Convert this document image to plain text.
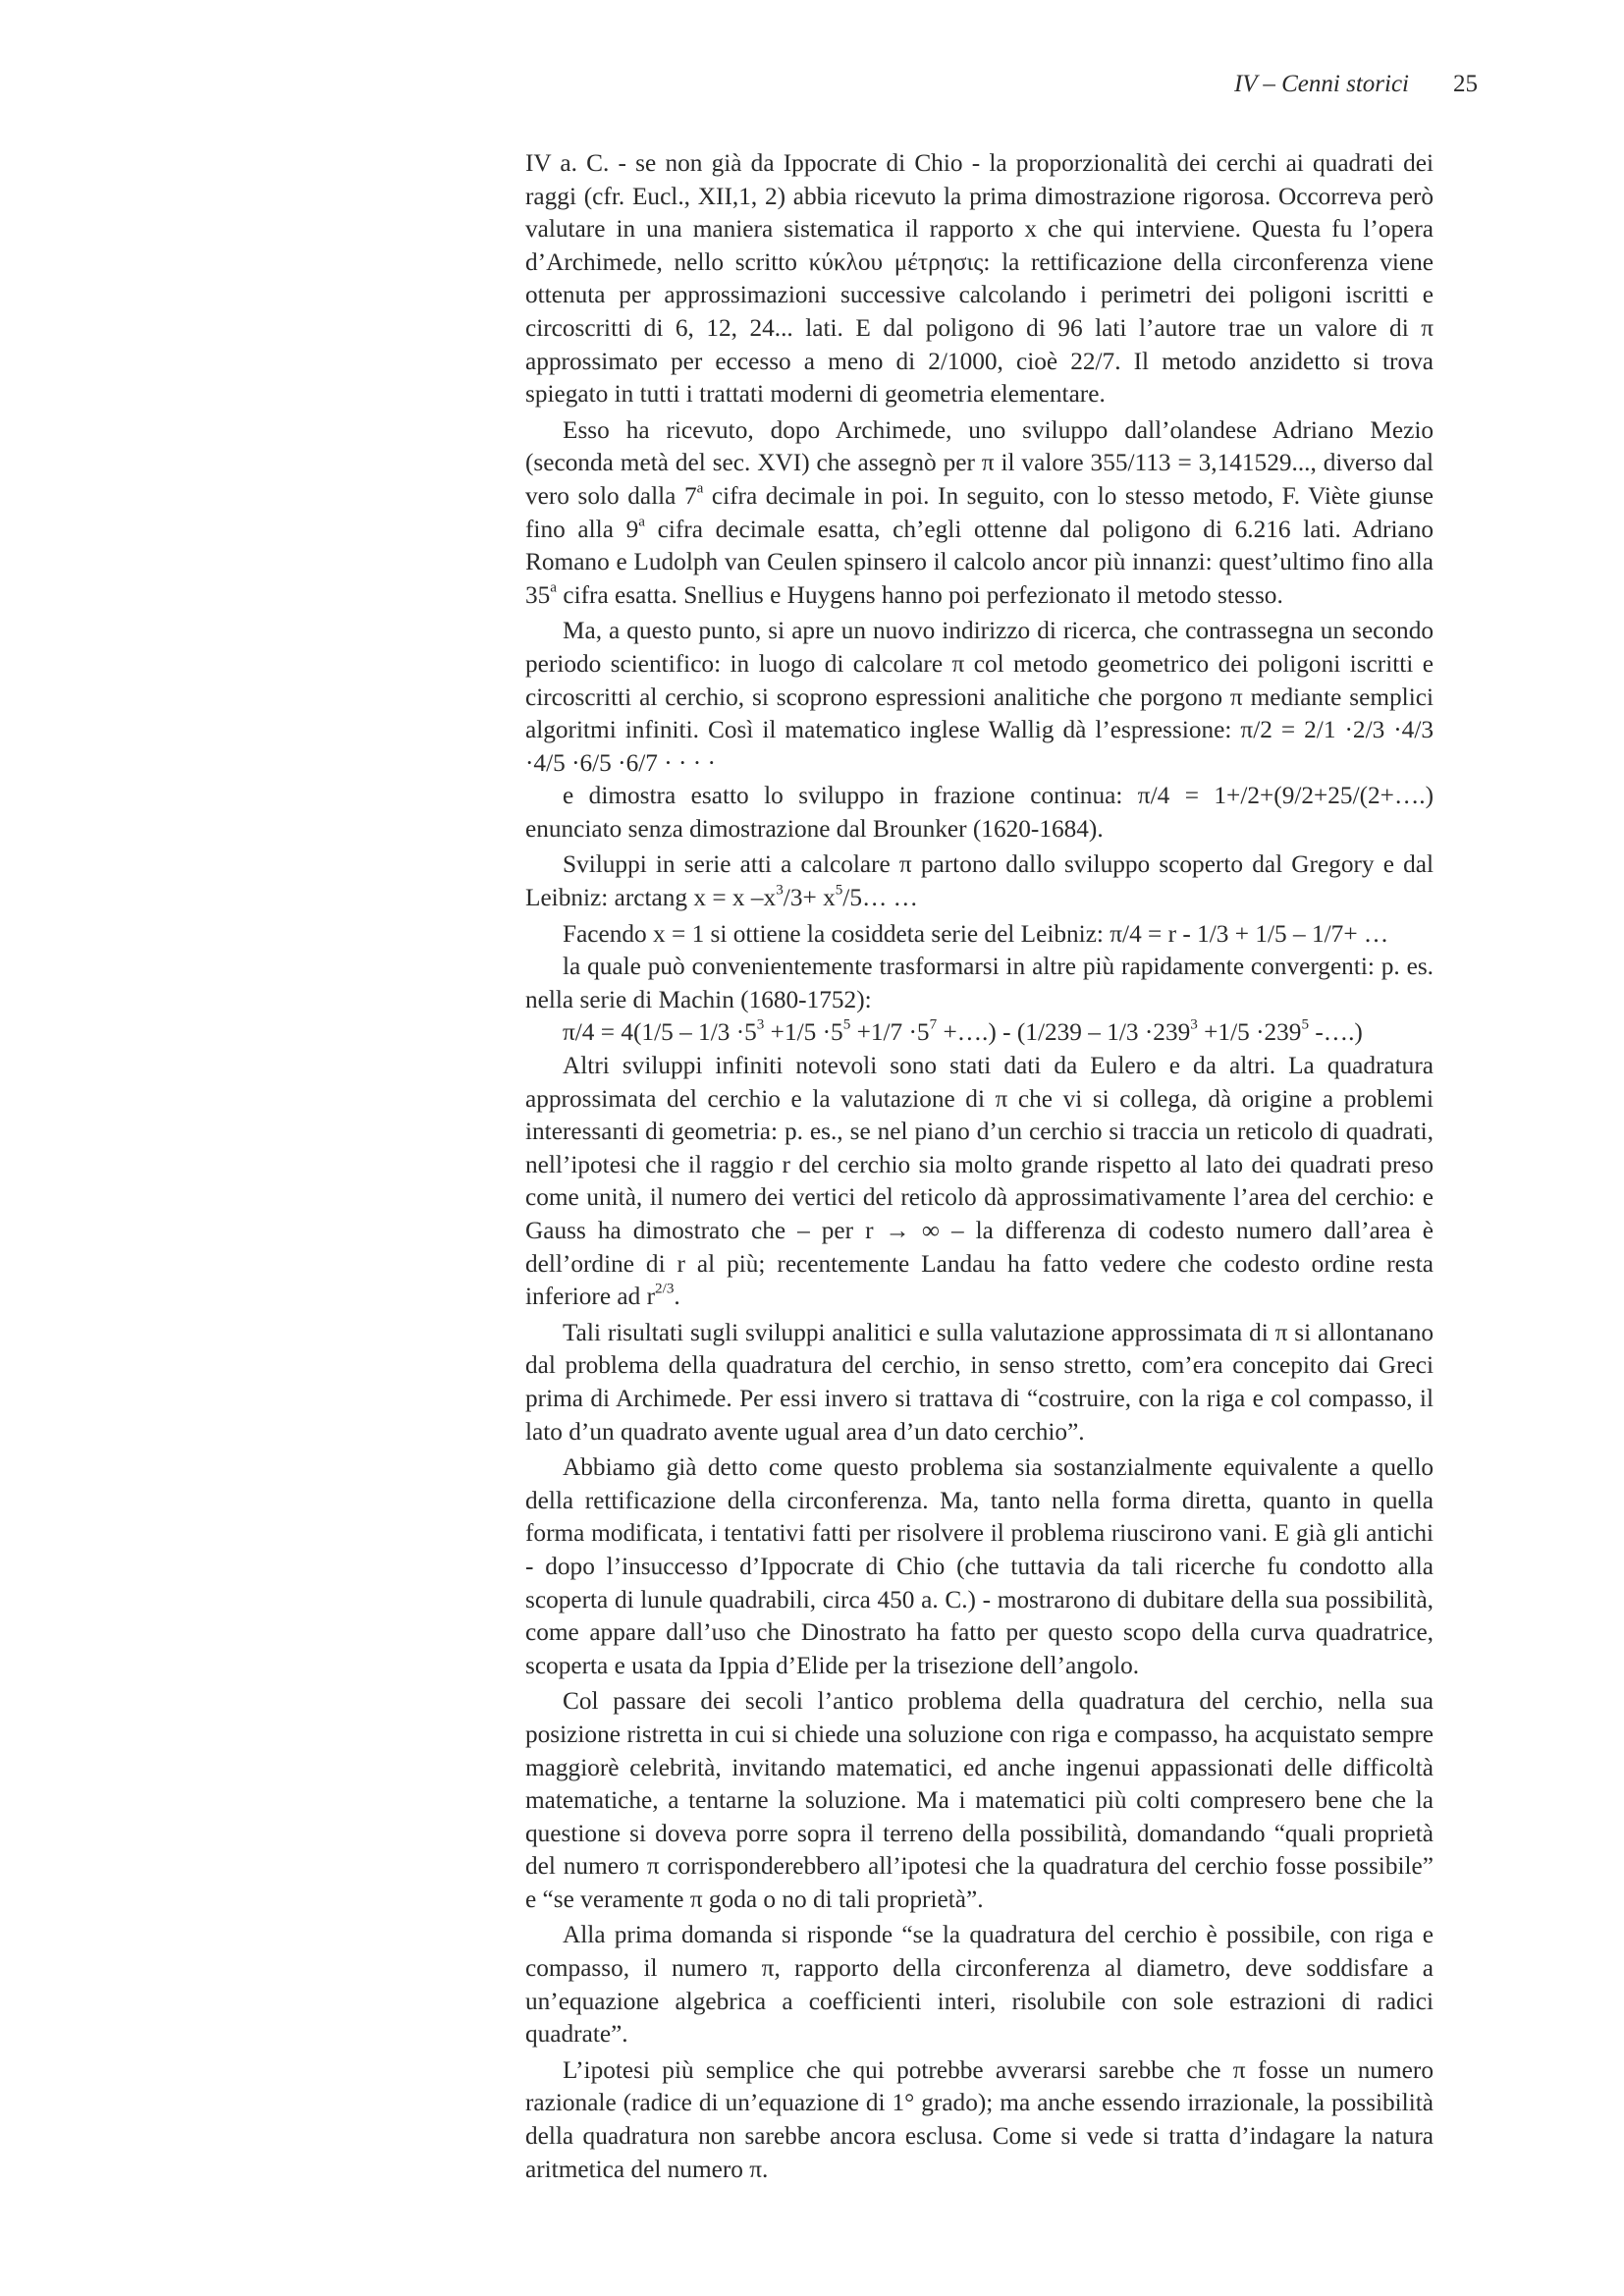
IV – Cenni storici 25

IV a. C. - se non già da Ippocrate di Chio - la proporzionalità dei cerchi ai quadrati dei raggi (cfr. Eucl., XII,1, 2) abbia ricevuto la prima dimostrazione rigorosa. Occorreva però valutare in una maniera sistematica il rapporto x che qui interviene. Questa fu l’opera d’Archimede, nello scritto κύκλου μέτρησις: la rettificazione della circonferenza viene ottenuta per approssimazioni successive calcolando i perimetri dei poligoni iscritti e circoscritti di 6, 12, 24... lati. E dal poligono di 96 lati l’autore trae un valore di π approssimato per eccesso a meno di 2/1000, cioè 22/7. Il metodo anzidetto si trova spiegato in tutti i trattati moderni di geometria elementare.

Esso ha ricevuto, dopo Archimede, uno sviluppo dall’olandese Adriano Mezio (seconda metà del sec. XVI) che assegnò per π il valore 355/113 = 3,141529..., diverso dal vero solo dalla 7$^a$ cifra decimale in poi. In seguito, con lo stesso metodo, F. Viète giunse fino alla 9$^a$ cifra decimale esatta, ch’egli ottenne dal poligono di 6.216 lati. Adriano Romano e Ludolph van Ceulen spinsero il calcolo ancor più innanzi: quest’ultimo fino alla 35$^a$ cifra esatta. Snellius e Huygens hanno poi perfezionato il metodo stesso.

Ma, a questo punto, si apre un nuovo indirizzo di ricerca, che contrassegna un secondo periodo scientifico: in luogo di calcolare π col metodo geometrico dei poligoni iscritti e circoscritti al cerchio, si scoprono espressioni analitiche che porgono π mediante semplici algoritmi infiniti. Così il matematico inglese Wallig dà l’espressione: π/2 = 2/1 ·2/3 ·4/3 ·4/5 ·6/5 ·6/7 · · · ·

e dimostra esatto lo sviluppo in frazione continua: π/4 = 1+/2+(9/2+25/(2+….) enunciato senza dimostrazione dal Brounker (1620-1684).

Sviluppi in serie atti a calcolare π partono dallo sviluppo scoperto dal Gregory e dal Leibniz: arctang x = x $-x^3/3+$ $x^5/5\dots$ …

Facendo x = 1 si ottiene la cosiddeta serie del Leibniz: π/4 = r - 1/3 + 1/5 – 1/7+ …

la quale può convenientemente trasformarsi in altre più rapidamente convergenti: p. es. nella serie di Machin (1680-1752):

$\pi/4 = 4(1/5 - 1/3 \cdot 5^3 +1/5 \cdot 5^5 +1/7 \cdot 5^7$ +….) - ($1/239 - 1/3 \cdot 239^3 +1/5 \cdot 239^5$ -….)

Altri sviluppi infiniti notevoli sono stati dati da Eulero e da altri. La quadratura approssimata del cerchio e la valutazione di π che vi si collega, dà origine a problemi interessanti di geometria: p. es., se nel piano d’un cerchio si traccia un reticolo di quadrati, nell’ipotesi che il raggio r del cerchio sia molto grande rispetto al lato dei quadrati preso come unità, il numero dei vertici del reticolo dà approssimativamente l’area del cerchio: e Gauss ha dimostrato che – per r → ∞ – la differenza di codesto numero dall’area è dell’ordine di r al più; recentemente Landau ha fatto vedere che codesto ordine resta inferiore ad $r^{2/3}$.

Tali risultati sugli sviluppi analitici e sulla valutazione approssimata di π si allontanano dal problema della quadratura del cerchio, in senso stretto, com’era concepito dai Greci prima di Archimede. Per essi invero si trattava di “costruire, con la riga e col compasso, il lato d’un quadrato avente ugual area d’un dato cerchio”.

Abbiamo già detto come questo problema sia sostanzialmente equivalente a quello della rettificazione della circonferenza. Ma, tanto nella forma diretta, quanto in quella forma modificata, i tentativi fatti per risolvere il problema riuscirono vani. E già gli antichi - dopo l’insuccesso d’Ippocrate di Chio (che tuttavia da tali ricerche fu condotto alla scoperta di lunule quadrabili, circa 450 a. C.) - mostrarono di dubitare della sua possibilità, come appare dall’uso che Dinostrato ha fatto per questo scopo della curva quadratrice, scoperta e usata da Ippia d’Elide per la trisezione dell’angolo.

Col passare dei secoli l’antico problema della quadratura del cerchio, nella sua posizione ristretta in cui si chiede una soluzione con riga e compasso, ha acquistato sempre maggiorè celebrità, invitando matematici, ed anche ingenui appassionati delle difficoltà matematiche, a tentarne la soluzione. Ma i matematici più colti compresero bene che la questione si doveva porre sopra il terreno della possibilità, domandando “quali proprietà del numero π corrisponderebbero all’ipotesi che la quadratura del cerchio fosse possibile” e “se veramente π goda o no di tali proprietà”.

Alla prima domanda si risponde “se la quadratura del cerchio è possibile, con riga e compasso, il numero π, rapporto della circonferenza al diametro, deve soddisfare a un’equazione algebrica a coefficienti interi, risolubile con sole estrazioni di radici quadrate”.

L’ipotesi più semplice che qui potrebbe avverarsi sarebbe che π fosse un numero razionale (radice di un’equazione di 1° grado); ma anche essendo irrazionale, la possibilità della quadratura non sarebbe ancora esclusa. Come si vede si tratta d’indagare la natura aritmetica del numero π.
